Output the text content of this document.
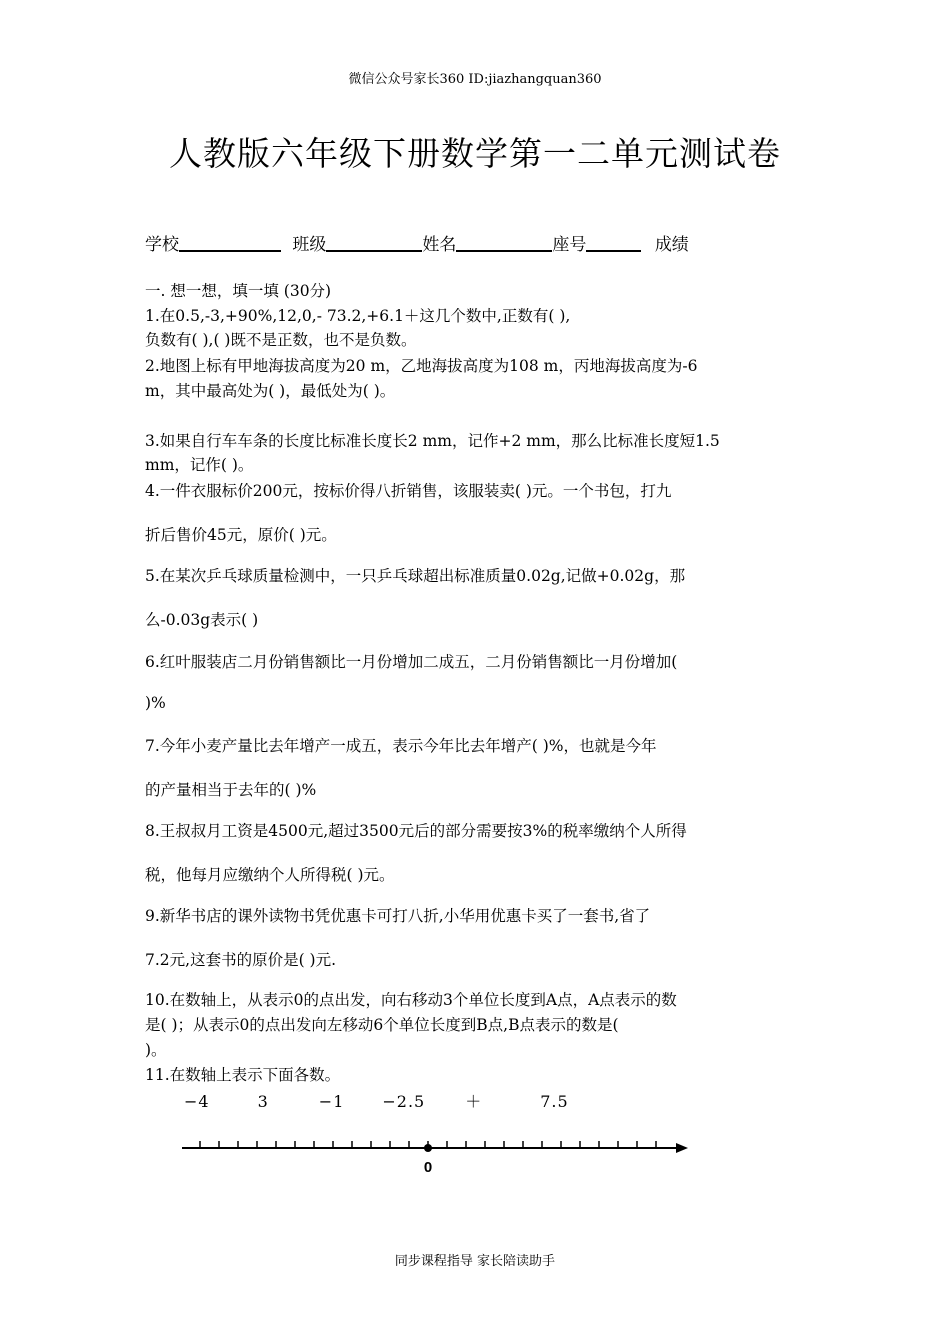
微信公众号家长360 ID:jiazhangquan360
人教版六年级下册数学第一二单元测试卷
学校	班级	姓名	座号	成绩
一. 想一想，填一填 (30分)
1.在0.5,-3,+90%,12,0,- 73.2,+6.1＋这几个数中,正数有( ),
负数有( ),( )既不是正数，也不是负数。
2.地图上标有甲地海拔高度为20 m，乙地海拔高度为108 m，丙地海拔高度为-6
m，其中最高处为( )，最低处为( )。
3.如果自行车车条的长度比标准长度长2 mm，记作+2 mm，那么比标准长度短1.5
mm，记作( )。
4.一件衣服标价200元，按标价得八折销售，该服装卖( )元。一个书包，打九
折后售价45元，原价( )元。
5.在某次乒乓球质量检测中，一只乒乓球超出标准质量0.02g,记做+0.02g，那
么-0.03g表示( )
6.红叶服装店二月份销售额比一月份增加二成五，二月份销售额比一月份增加(
)%
7.今年小麦产量比去年增产一成五，表示今年比去年增产( )%，也就是今年
的产量相当于去年的( )%
8.王叔叔月工资是4500元,超过3500元后的部分需要按3%的税率缴纳个人所得
税，他每月应缴纳个人所得税( )元。
9.新华书店的课外读物书凭优惠卡可打八折,小华用优惠卡买了一套书,省了
7.2元,这套书的原价是( )元.
10.在数轴上，从表示0的点出发，向右移动3个单位长度到A点，A点表示的数
是( )；从表示0的点出发向左移动6个单位长度到B点,B点表示的数是(
)。
11.在数轴上表示下面各数。
−4	3	−1 −2.5	＋	7.5
0
同步课程指导 家长陪读助手
